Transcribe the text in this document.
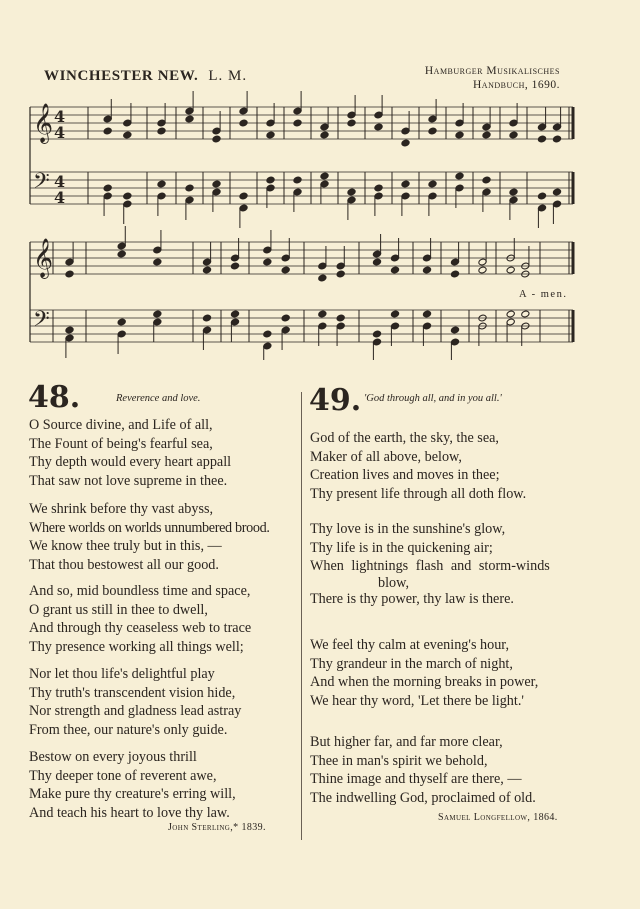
WINCHESTER NEW. L. M.	Hamburger Musikalisches
Handbuch, 1690.
𝄞 4
4
𝄢 4
4
𝄞
𝄢
A - men.
48.	Reverence and love.
O Source divine, and Life of all,
The Fount of being's fearful sea,
Thy depth would every heart appall
That saw not love supreme in thee.
We shrink before thy vast abyss,
Where worlds on worlds unnumbered brood.
We know thee truly but in this, —
That thou bestowest all our good.
And so, mid boundless time and space,
O grant us still in thee to dwell,
And through thy ceaseless web to trace
Thy presence working all things well;
Nor let thou life's delightful play
Thy truth's transcendent vision hide,
Nor strength and gladness lead astray
From thee, our nature's only guide.
Bestow on every joyous thrill
Thy deeper tone of reverent awe,
Make pure thy creature's erring will,
And teach his heart to love thy law.
John Sterling,* 1839.
49. 'God through all, and in you all.'
God of the earth, the sky, the sea,
Maker of all above, below,
Creation lives and moves in thee;
Thy present life through all doth flow.
Thy love is in the sunshine's glow,
Thy life is in the quickening air;
When lightnings flash and storm-winds
blow,
There is thy power, thy law is there.
We feel thy calm at evening's hour,
Thy grandeur in the march of night,
And when the morning breaks in power,
We hear thy word, 'Let there be light.'
But higher far, and far more clear,
Thee in man's spirit we behold,
Thine image and thyself are there, —
The indwelling God, proclaimed of old.
Samuel Longfellow, 1864.
